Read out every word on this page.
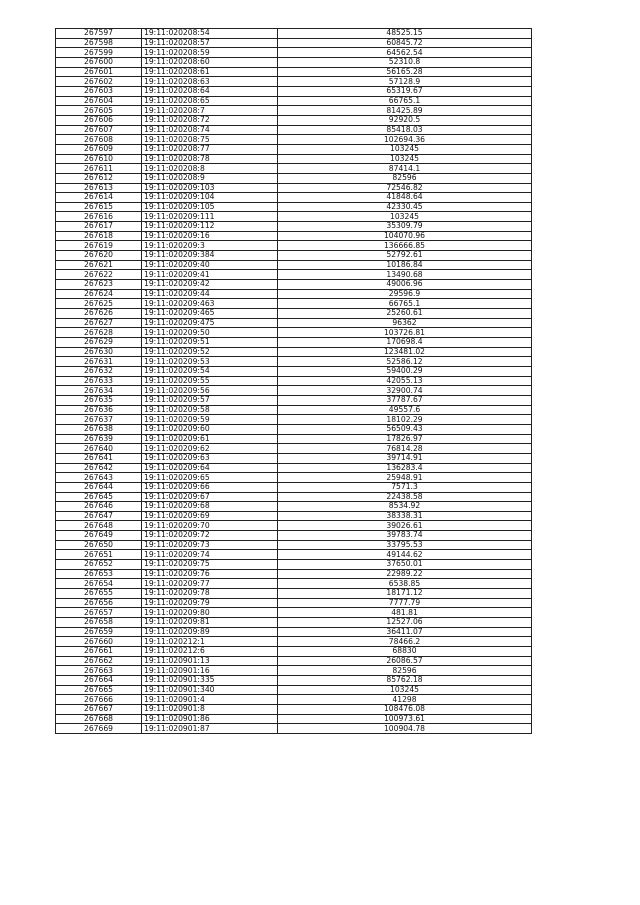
267597	19:11:020208:54	48525.15
267598	19:11:020208:57	60845.72
267599	19:11:020208:59	64562.54
267600	19:11:020208:60	52310.8
267601	19:11:020208:61	56165.28
267602	19:11:020208:63	57128.9
267603	19:11:020208:64	65319.67
267604	19:11:020208:65	66765.1
267605	19:11:020208:7	81425.89
267606	19:11:020208:72	92920.5
267607	19:11:020208:74	85418.03
267608	19:11:020208:75	102694.36
267609	19:11:020208:77	103245
267610	19:11:020208:78	103245
267611	19:11:020208:8	87414.1
267612	19:11:020208:9	82596
267613	19:11:020209:103	72546.82
267614	19:11:020209:104	41848.64
267615	19:11:020209:105	42330.45
267616	19:11:020209:111	103245
267617	19:11:020209:112	35309.79
267618	19:11:020209:16	104070.96
267619	19:11:020209:3	136666.85
267620	19:11:020209:384	52792.61
267621	19:11:020209:40	10186.84
267622	19:11:020209:41	13490.68
267623	19:11:020209:42	49006.96
267624	19:11:020209:44	29596.9
267625	19:11:020209:463	66765.1
267626	19:11:020209:465	25260.61
267627	19:11:020209:475	96362
267628	19:11:020209:50	103726.81
267629	19:11:020209:51	170698.4
267630	19:11:020209:52	123481.02
267631	19:11:020209:53	52586.12
267632	19:11:020209:54	59400.29
267633	19:11:020209:55	42055.13
267634	19:11:020209:56	32900.74
267635	19:11:020209:57	37787.67
267636	19:11:020209:58	49557.6
267637	19:11:020209:59	18102.29
267638	19:11:020209:60	56509.43
267639	19:11:020209:61	17826.97
267640	19:11:020209:62	76814.28
267641	19:11:020209:63	39714.91
267642	19:11:020209:64	136283.4
267643	19:11:020209:65	25948.91
267644	19:11:020209:66	7571.3
267645	19:11:020209:67	22438.58
267646	19:11:020209:68	8534.92
267647	19:11:020209:69	38338.31
267648	19:11:020209:70	39026.61
267649	19:11:020209:72	39783.74
267650	19:11:020209:73	33795.53
267651	19:11:020209:74	49144.62
267652	19:11:020209:75	37650.01
267653	19:11:020209:76	22989.22
267654	19:11:020209:77	6538.85
267655	19:11:020209:78	18171.12
267656	19:11:020209:79	7777.79
267657	19:11:020209:80	481.81
267658	19:11:020209:81	12527.06
267659	19:11:020209:89	36411.07
267660	19:11:020212:1	78466.2
267661	19:11:020212:6	68830
267662	19:11:020901:13	26086.57
267663	19:11:020901:16	82596
267664	19:11:020901:335	85762.18
267665	19:11:020901:340	103245
267666	19:11:020901:4	41298
267667	19:11:020901:8	108476.08
267668	19:11:020901:86	100973.61
267669	19:11:020901:87	100904.78
